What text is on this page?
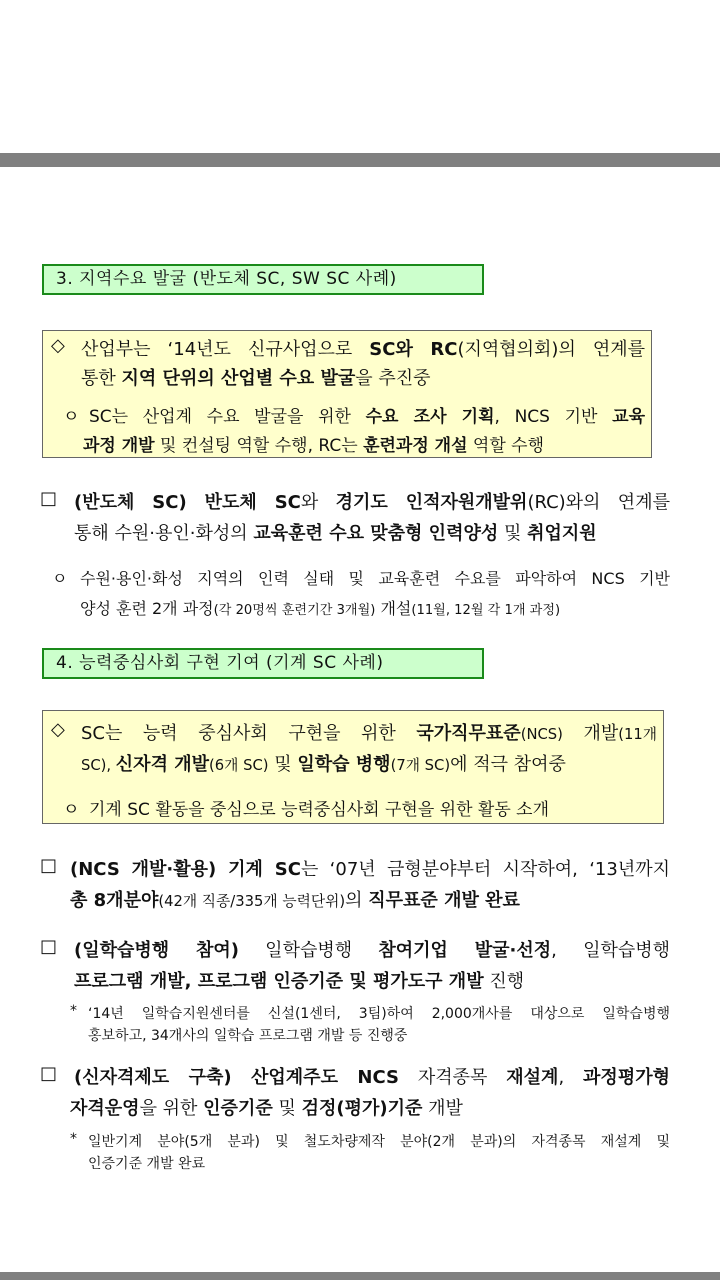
3. 지역수요 발굴 (반도체 SC, SW SC 사례)
◇ 산업부는 ‘14년도 신규사업으로 SC와 RC(지역협의회)의 연계를
통한 지역 단위의 산업별 수요 발굴을 추진중
ㅇ SC는 산업계 수요 발굴을 위한 수요 조사 기획, NCS 기반 교육
과정 개발 및 컨설팅 역할 수행, RC는 훈련과정 개설 역할 수행
□ (반도체 SC) 반도체 SC와 경기도 인적자원개발위(RC)와의 연계를
통해 수원·용인·화성의 교육훈련 수요 맞춤형 인력양성 및 취업지원
ㅇ 수원·용인·화성 지역의 인력 실태 및 교육훈련 수요를 파악하여 NCS 기반
양성 훈련 2개 과정(각 20명씩 훈련기간 3개월) 개설(11월, 12월 각 1개 과정)
4. 능력중심사회 구현 기여 (기계 SC 사례)
◇ SC는 능력 중심사회 구현을 위한 국가직무표준(NCS) 개발(11개
SC), 신자격 개발(6개 SC) 및 일학습 병행(7개 SC)에 적극 참여중
ㅇ 기계 SC 활동을 중심으로 능력중심사회 구현을 위한 활동 소개
□ (NCS 개발·활용) 기계 SC는 ‘07년 금형분야부터 시작하여, ‘13년까지
총 8개분야(42개 직종/335개 능력단위)의 직무표준 개발 완료
□ (일학습병행 참여) 일학습병행 참여기업 발굴·선정, 일학습병행
프로그램 개발, 프로그램 인증기준 및 평가도구 개발 진행
* ‘14년 일학습지원센터를 신설(1센터, 3팀)하여 2,000개사를 대상으로 일학습병행
홍보하고, 34개사의 일학습 프로그램 개발 등 진행중
□ (신자격제도 구축) 산업계주도 NCS 자격종목 재설계, 과정평가형
자격운영을 위한 인증기준 및 검정(평가)기준 개발
* 일반기계 분야(5개 분과) 및 철도차량제작 분야(2개 분과)의 자격종목 재설계 및
인증기준 개발 완료
